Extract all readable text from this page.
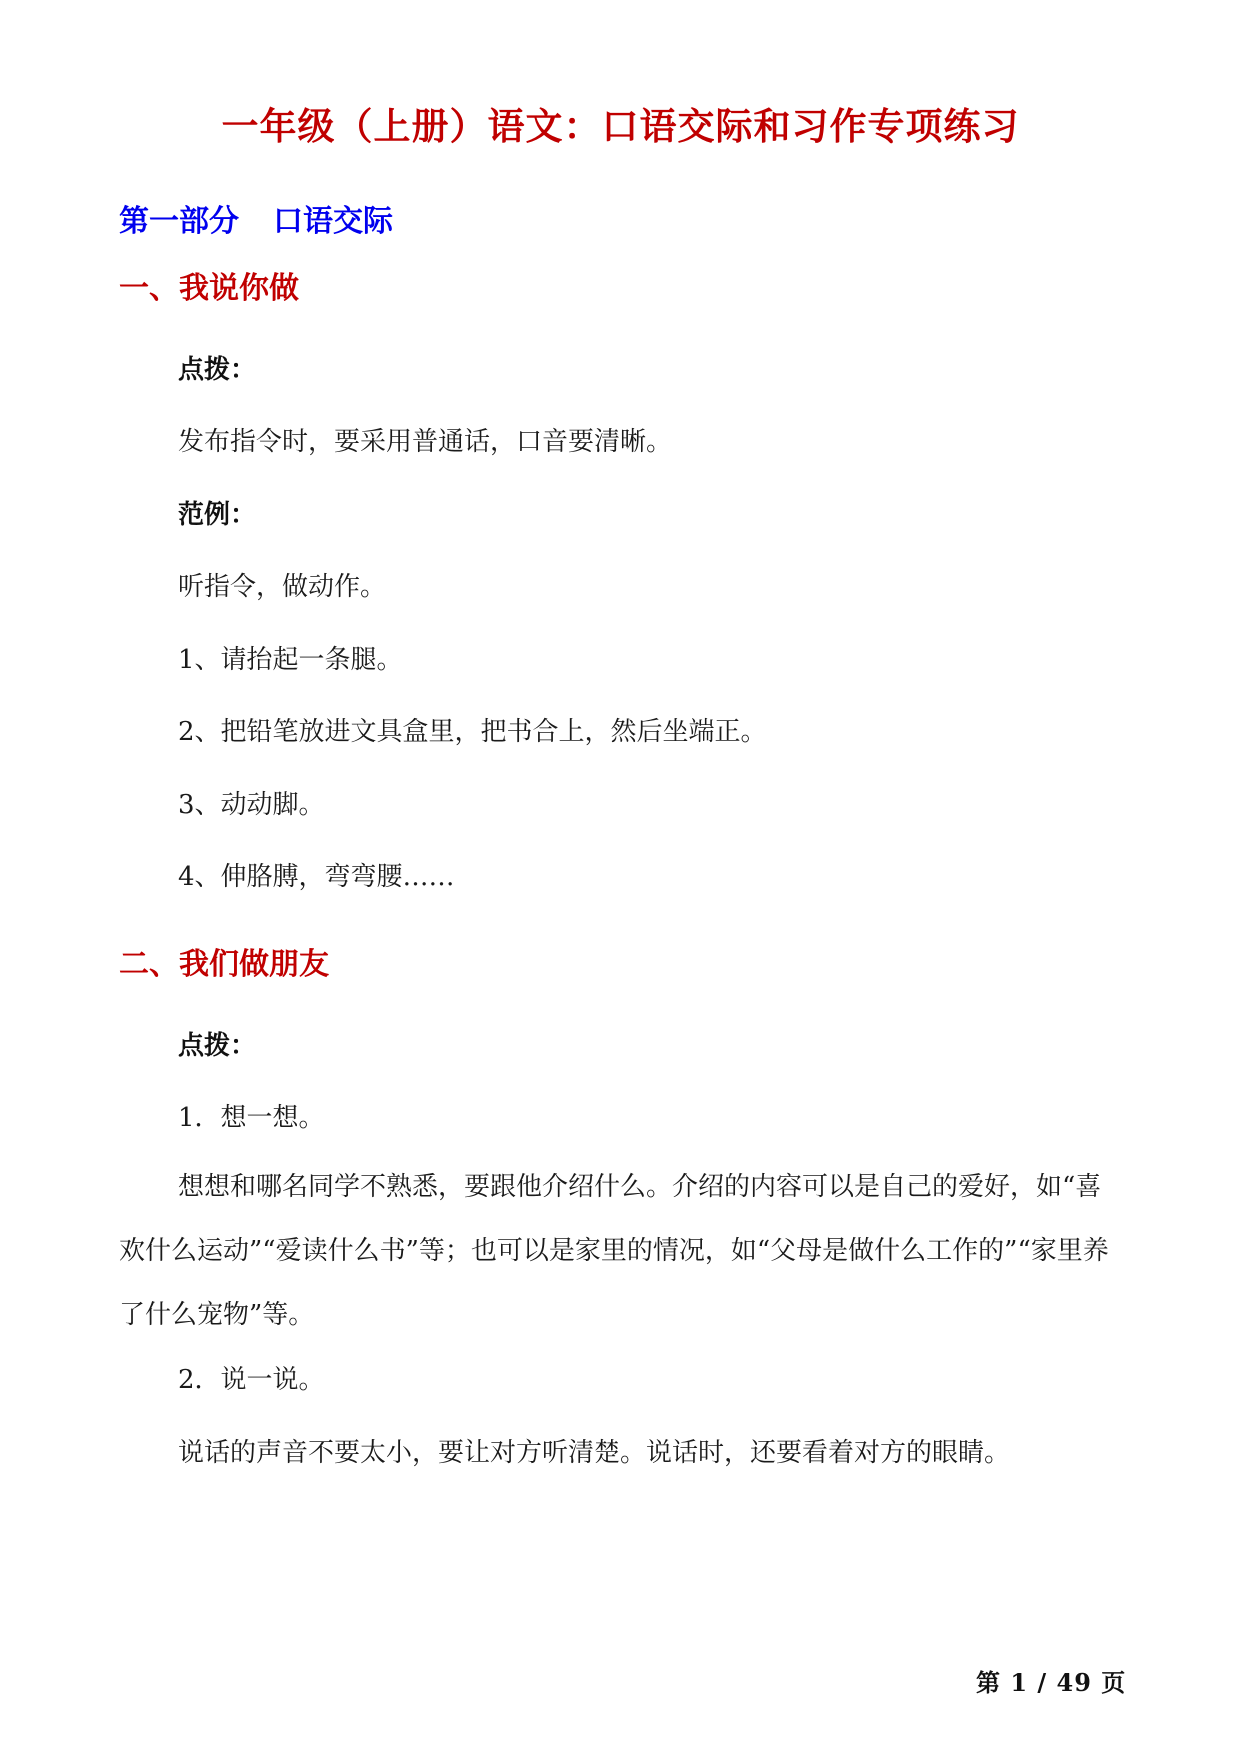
一年级（上册）语文：口语交际和习作专项练习
第一部分 口语交际
一、我说你做
点拨：
发布指令时，要采用普通话，口音要清晰。
范例：
听指令，做动作。
1、请抬起一条腿。
2、把铅笔放进文具盒里，把书合上，然后坐端正。
3、动动脚。
4、伸胳膊，弯弯腰……
二、我们做朋友
点拨：
1．想一想。
想想和哪名同学不熟悉，要跟他介绍什么。介绍的内容可以是自己的爱好，如“喜欢什么运动”“爱读什么书”等；也可以是家里的情况，如“父母是做什么工作的”“家里养了什么宠物”等。
2．说一说。
说话的声音不要太小，要让对方听清楚。说话时，还要看着对方的眼睛。
第 1 / 49 页
